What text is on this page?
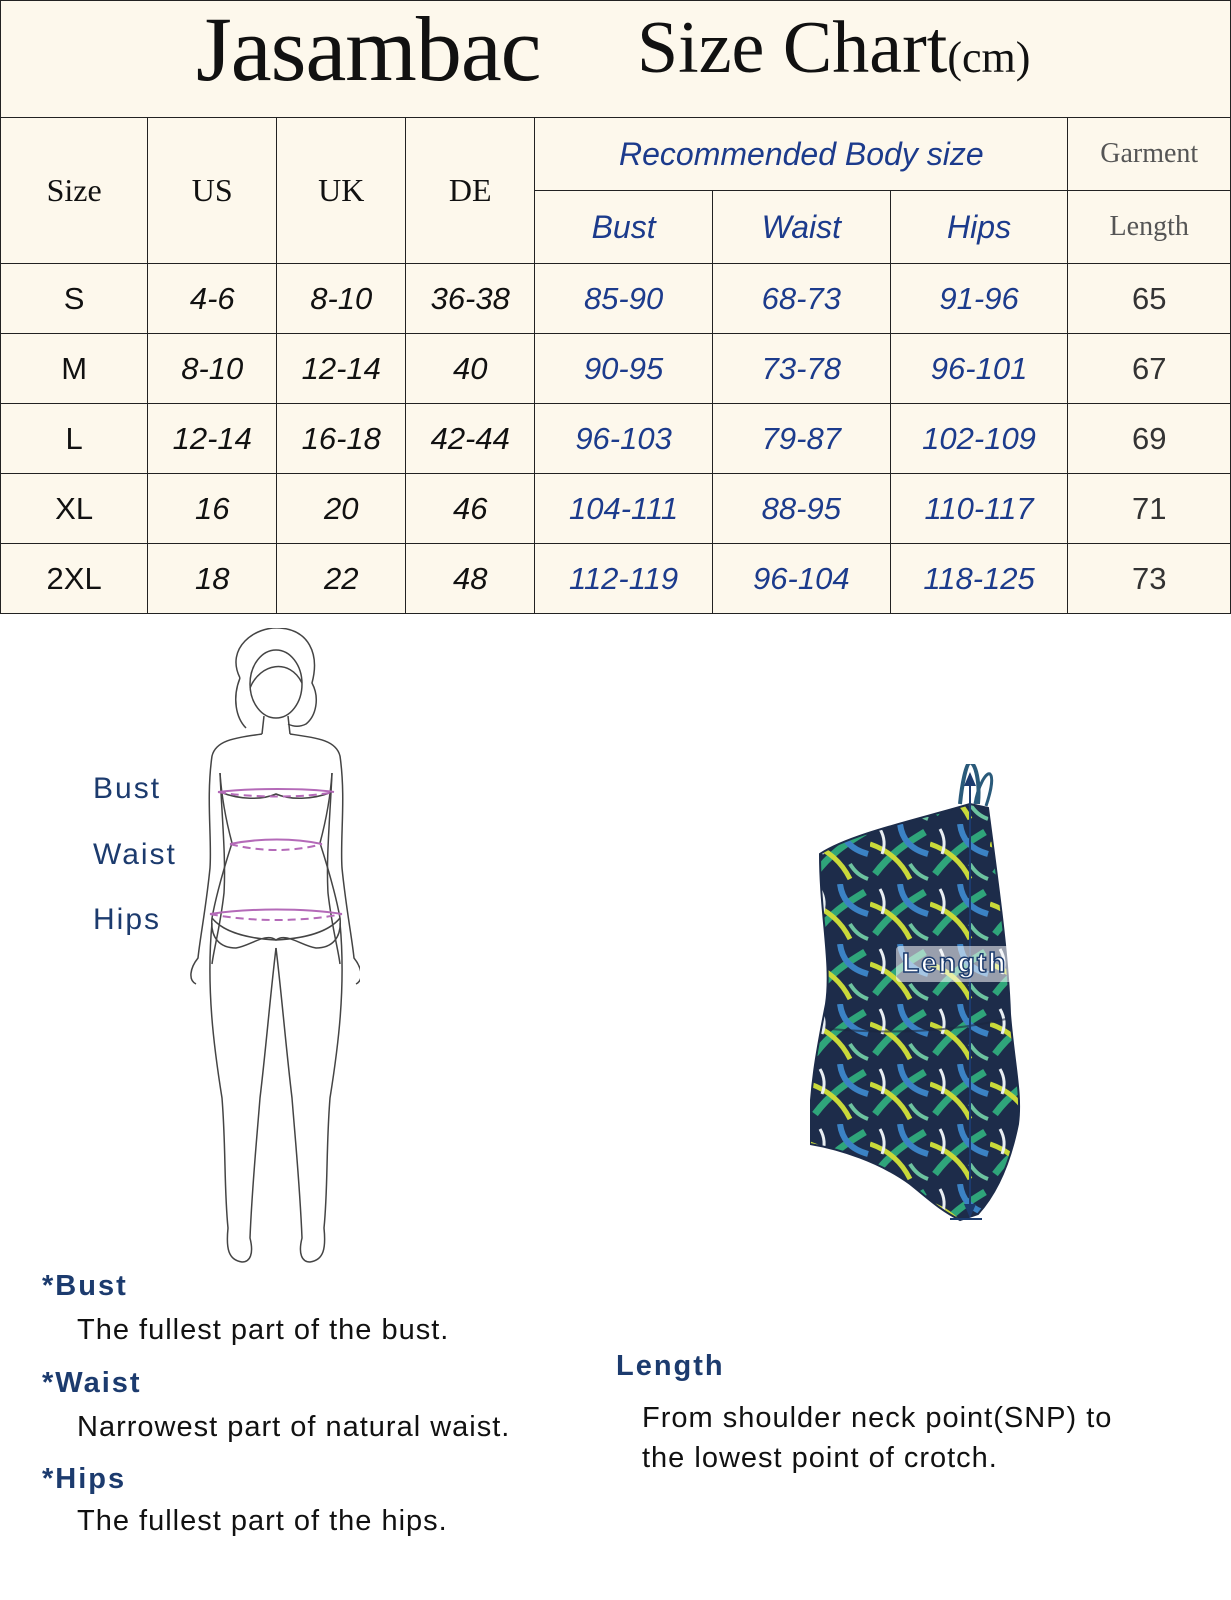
Jasambac Size Chart(cm)
Size	US	UK	DE	Recommended Body size			Garment
				Bust	Waist	Hips	Length
S	4-6	8-10	36-38	85-90	68-73	91-96	65
M	8-10	12-14	40	90-95	73-78	96-101	67
L	12-14	16-18	42-44	96-103	79-87	102-109	69
XL	16	20	46	104-111	88-95	110-117	71
2XL	18	22	48	112-119	96-104	118-125	73
Bust
Waist
Hips
Length
*Bust
The fullest part of the bust.
*Waist
Narrowest part of natural waist.
*Hips
The fullest part of the hips.
Length
From shoulder neck point(SNP) to
the lowest point of crotch.
